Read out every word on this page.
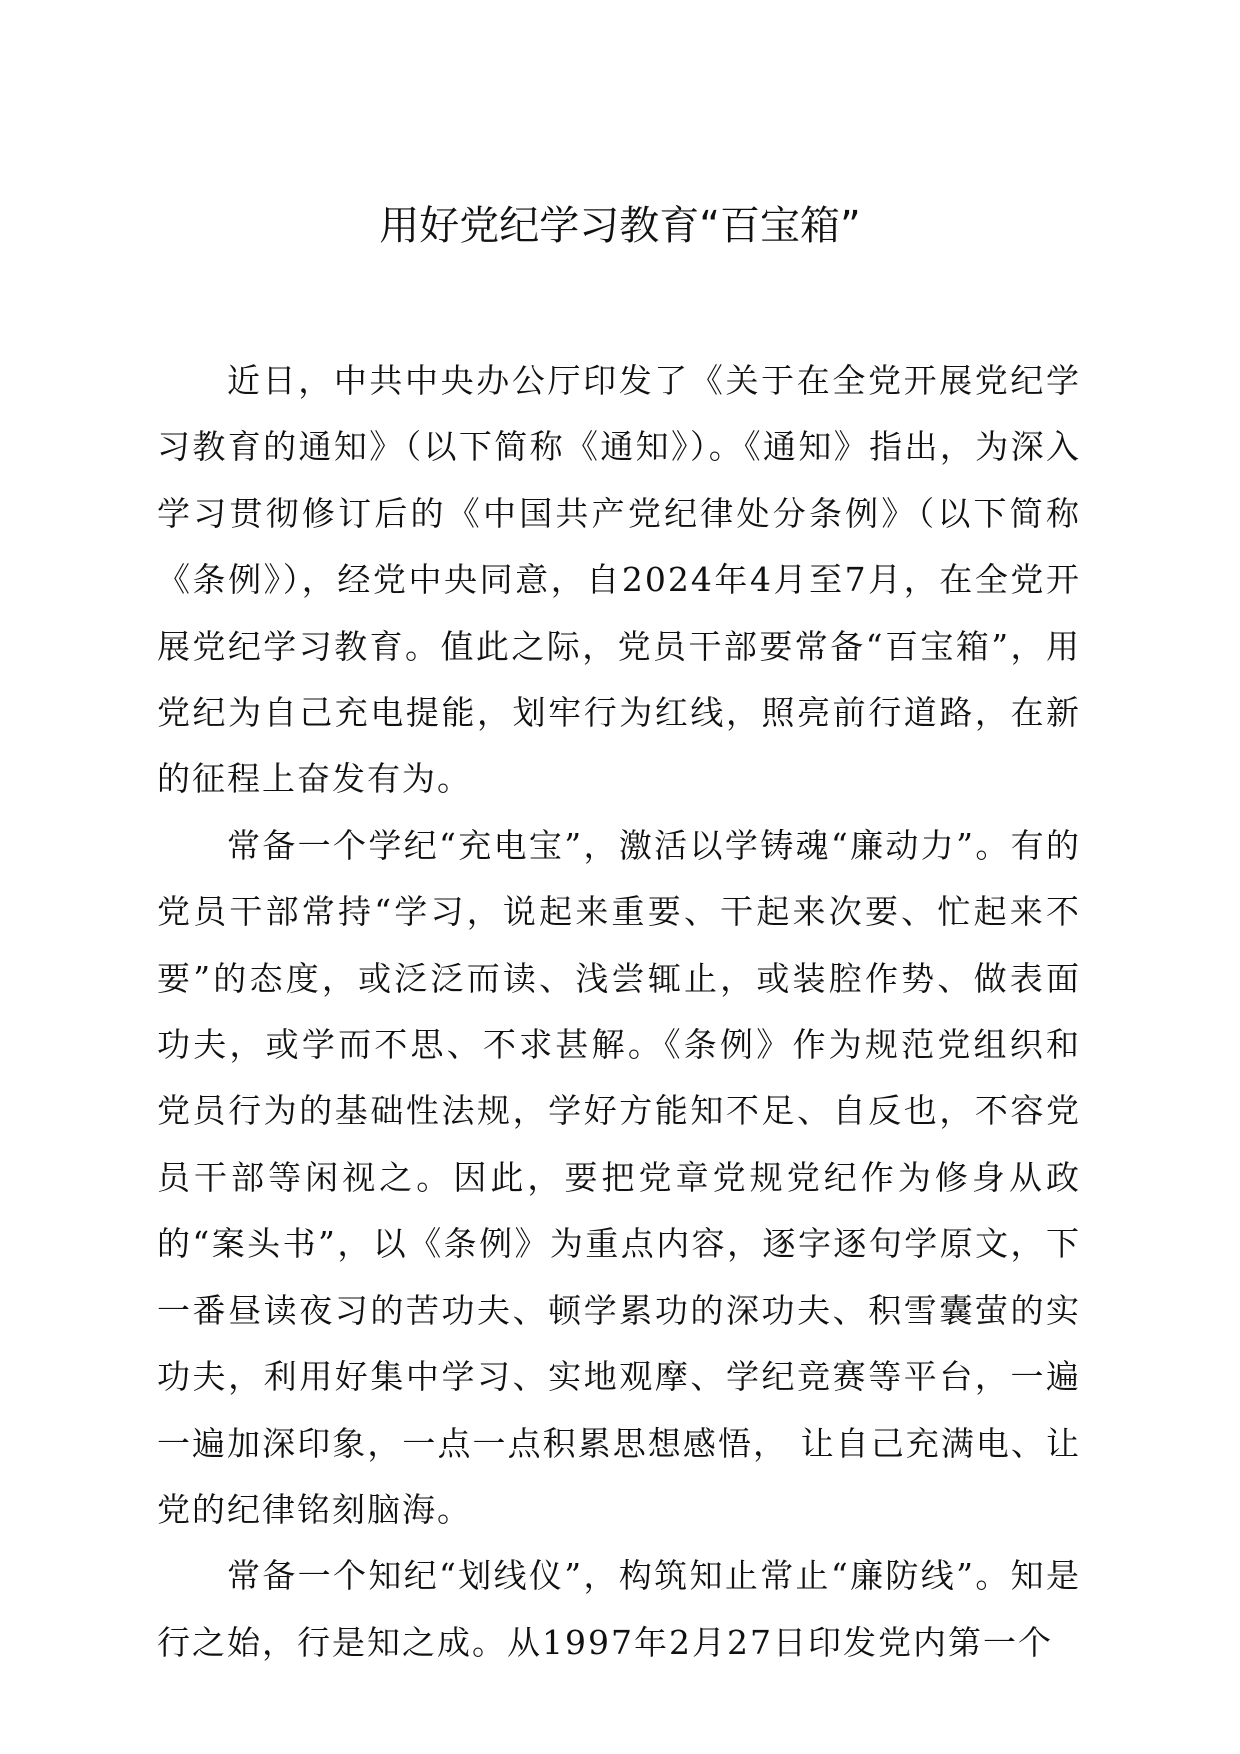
用好党纪学习教育“百宝箱”

近日，中共中央办公厅印发了《关于在全党开展党纪学习教育的通知》（以下简称《通知》）。《通知》指出，为深入学习贯彻修订后的《中国共产党纪律处分条例》（以下简称《条例》），经党中央同意，自2024年4月至7月，在全党开展党纪学习教育。值此之际，党员干部要常备“百宝箱”，用党纪为自己充电提能，划牢行为红线，照亮前行道路，在新的征程上奋发有为。

常备一个学纪“充电宝”，激活以学铸魂“廉动力”。有的党员干部常持“学习，说起来重要、干起来次要、忙起来不要”的态度，或泛泛而读、浅尝辄止，或装腔作势、做表面功夫，或学而不思、不求甚解。《条例》作为规范党组织和党员行为的基础性法规，学好方能知不足、自反也，不容党员干部等闲视之。因此，要把党章党规党纪作为修身从政的“案头书”，以《条例》为重点内容，逐字逐句学原文，下一番昼读夜习的苦功夫、顿学累功的深功夫、积雪囊萤的实功夫，利用好集中学习、实地观摩、学纪竞赛等平台，一遍一遍加深印象，一点一点积累思想感悟， 让自己充满电、让党的纪律铭刻脑海。

常备一个知纪“划线仪”，构筑知止常止“廉防线”。知是行之始，行是知之成。从1997年2月27日印发党内第一个
